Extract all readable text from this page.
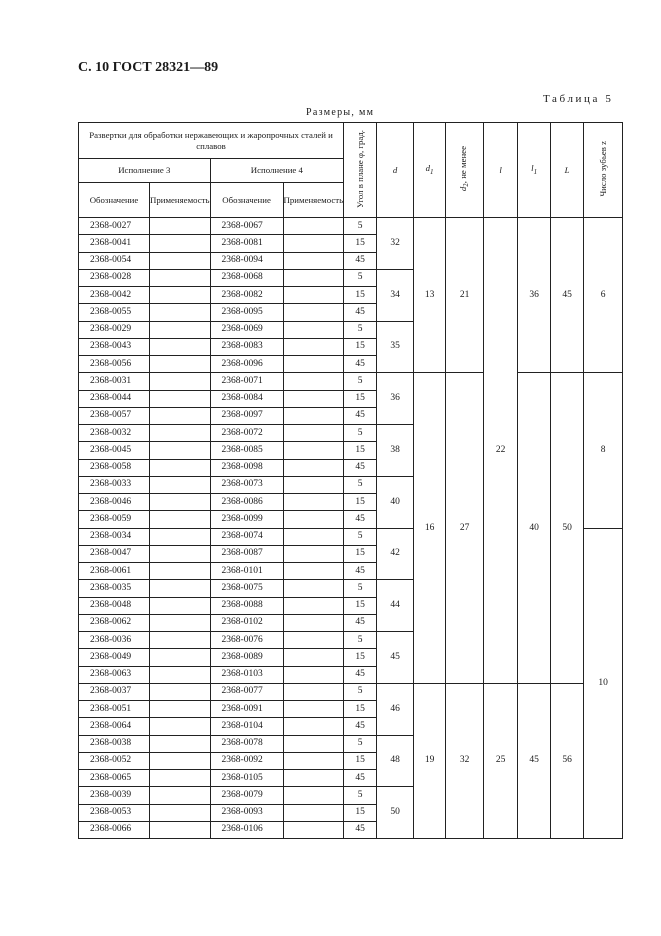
С. 10 ГОСТ 28321—89
Таблица 5
Размеры, мм
Развертки для обработки нержавеющих и жаропрочных сталей и сплавов				Угол в плане φ, град.	d	$d_1$	$d_2$, не менее	l	$l_1$	L	Число зубьев z
Исполнение 3		Исполнение 4									
Обозначение	Применяемость	Обозначение	Применяемость								
2368-0027		2368-0067		5	32	13	21	22	36	45	6
2368-0041		2368-0081		15							
2368-0054		2368-0094		45							
2368-0028		2368-0068		5	34						
2368-0042		2368-0082		15							
2368-0055		2368-0095		45							
2368-0029		2368-0069		5	35						
2368-0043		2368-0083		15							
2368-0056		2368-0096		45							
2368-0031		2368-0071		5	36	16	27		40	50	8
2368-0044		2368-0084		15							
2368-0057		2368-0097		45							
2368-0032		2368-0072		5	38						
2368-0045		2368-0085		15							
2368-0058		2368-0098		45							
2368-0033		2368-0073		5	40						
2368-0046		2368-0086		15							
2368-0059		2368-0099		45							
2368-0034		2368-0074		5	42						10
2368-0047		2368-0087		15							
2368-0061		2368-0101		45							
2368-0035		2368-0075		5	44						
2368-0048		2368-0088		15							
2368-0062		2368-0102		45							
2368-0036		2368-0076		5	45						
2368-0049		2368-0089		15							
2368-0063		2368-0103		45							
2368-0037		2368-0077		5	46	19	32	25	45	56	
2368-0051		2368-0091		15							
2368-0064		2368-0104		45							
2368-0038		2368-0078		5	48						
2368-0052		2368-0092		15							
2368-0065		2368-0105		45							
2368-0039		2368-0079		5	50						
2368-0053		2368-0093		15							
2368-0066		2368-0106		45							
